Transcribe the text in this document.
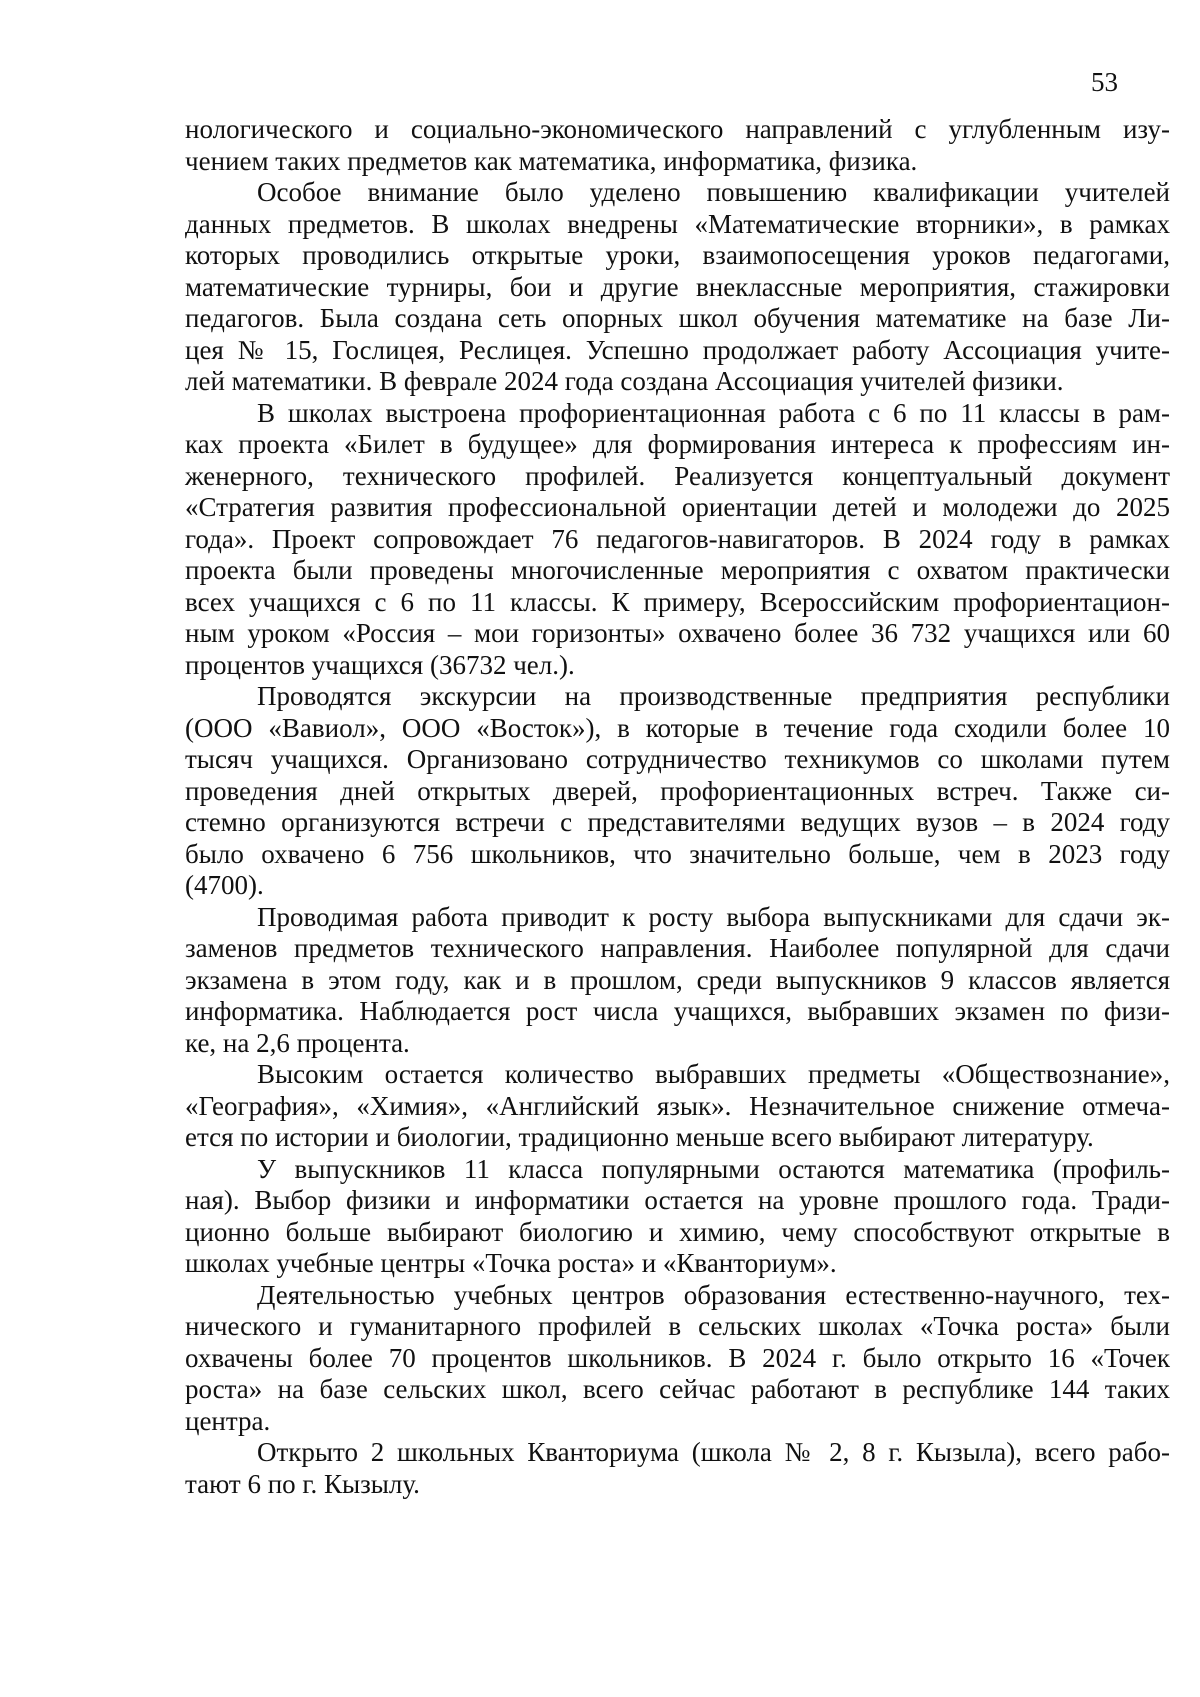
53
нологического и социально-экономического направлений с углубленным изу-
чением таких предметов как математика, информатика, физика.
Особое внимание было уделено повышению квалификации учителей
данных предметов. В школах внедрены «Математические вторники», в рамках
которых проводились открытые уроки, взаимопосещения уроков педагогами,
математические турниры, бои и другие внеклассные мероприятия, стажировки
педагогов. Была создана сеть опорных школ обучения математике на базе Ли-
цея № 15, Гослицея, Реслицея. Успешно продолжает работу Ассоциация учите-
лей математики. В феврале 2024 года создана Ассоциация учителей физики.
В школах выстроена профориентационная работа с 6 по 11 классы в рам-
ках проекта «Билет в будущее» для формирования интереса к профессиям ин-
женерного, технического профилей. Реализуется концептуальный документ
«Стратегия развития профессиональной ориентации детей и молодежи до 2025
года». Проект сопровождает 76 педагогов-навигаторов. В 2024 году в рамках
проекта были проведены многочисленные мероприятия с охватом практически
всех учащихся с 6 по 11 классы. К примеру, Всероссийским профориентацион-
ным уроком «Россия – мои горизонты» охвачено более 36 732 учащихся или 60
процентов учащихся (36732 чел.).
Проводятся экскурсии на производственные предприятия республики
(ООО «Вавиол», ООО «Восток»), в которые в течение года сходили более 10
тысяч учащихся. Организовано сотрудничество техникумов со школами путем
проведения дней открытых дверей, профориентационных встреч. Также си-
стемно организуются встречи с представителями ведущих вузов – в 2024 году
было охвачено 6 756 школьников, что значительно больше, чем в 2023 году
(4700).
Проводимая работа приводит к росту выбора выпускниками для сдачи эк-
заменов предметов технического направления. Наиболее популярной для сдачи
экзамена в этом году, как и в прошлом, среди выпускников 9 классов является
информатика. Наблюдается рост числа учащихся, выбравших экзамен по физи-
ке, на 2,6 процента.
Высоким остается количество выбравших предметы «Обществознание»,
«География», «Химия», «Английский язык». Незначительное снижение отмеча-
ется по истории и биологии, традиционно меньше всего выбирают литературу.
У выпускников 11 класса популярными остаются математика (профиль-
ная). Выбор физики и информатики остается на уровне прошлого года. Тради-
ционно больше выбирают биологию и химию, чему способствуют открытые в
школах учебные центры «Точка роста» и «Кванториум».
Деятельностью учебных центров образования естественно-научного, тех-
нического и гуманитарного профилей в сельских школах «Точка роста» были
охвачены более 70 процентов школьников. В 2024 г. было открыто 16 «Точек
роста» на базе сельских школ, всего сейчас работают в республике 144 таких
центра.
Открыто 2 школьных Кванториума (школа № 2, 8 г. Кызыла), всего рабо-
тают 6 по г. Кызылу.
